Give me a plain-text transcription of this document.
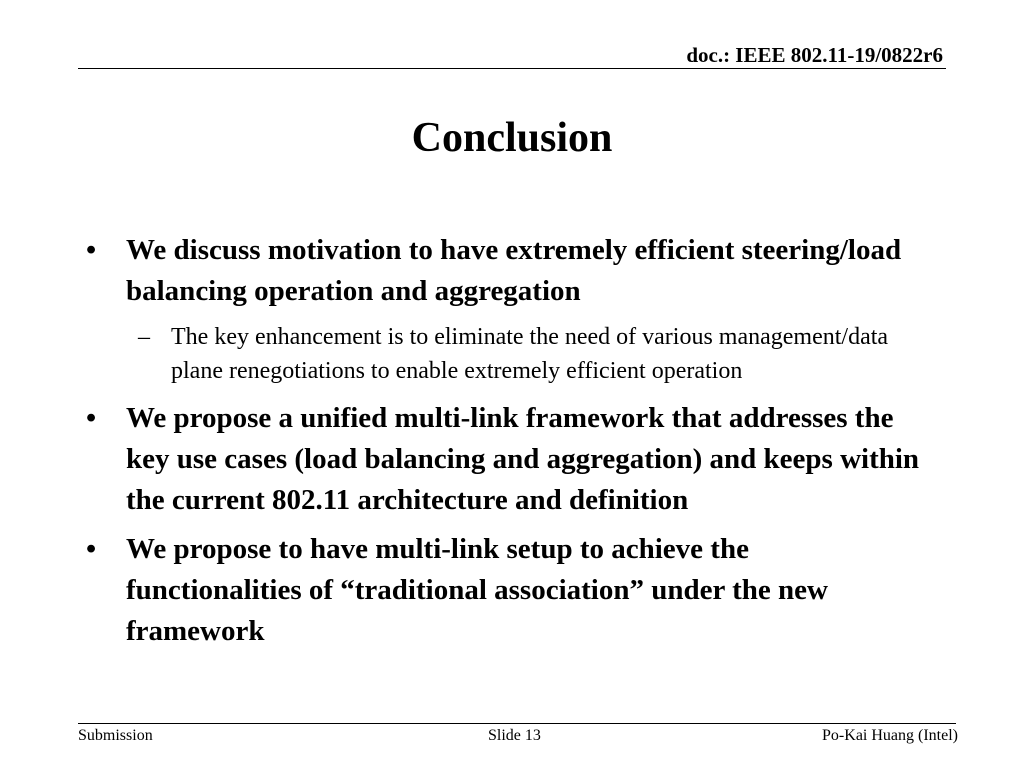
doc.: IEEE 802.11-19/0822r6
Conclusion
• We discuss motivation to have extremely efficient steering/load balancing operation and aggregation
– The key enhancement is to eliminate the need of various management/data plane renegotiations to enable extremely efficient operation
• We propose a unified multi-link framework that addresses the key use cases (load balancing and aggregation) and keeps within the current 802.11 architecture and definition
• We propose to have multi-link setup to achieve the functionalities of “traditional association” under the new framework
Submission	Slide 13	Po-Kai Huang (Intel)
